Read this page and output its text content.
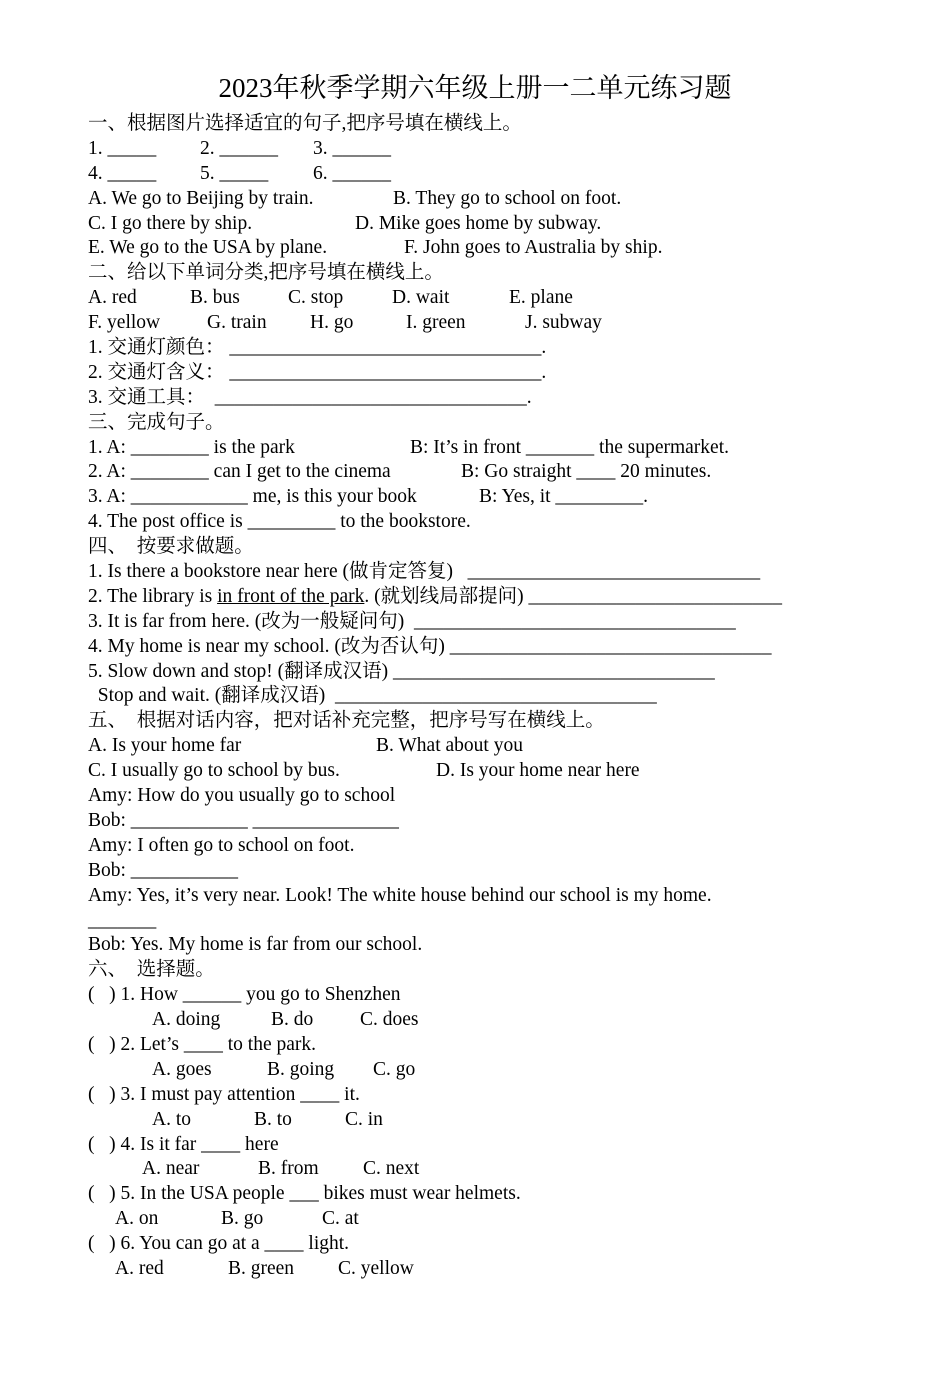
2023年秋季学期六年级上册一二单元练习题
一、根据图片选择适宜的句子,把序号填在横线上。

1. _____

2. ______

3. ______

4. _____

5. _____

6. ______

A. We go to Beijing by train.

	B. They go to school on foot.

C. I go there by ship.

	D. Mike goes home by subway.

E. We go to the USA by plane.

	F. John goes to Australia by ship.

二、给以下单词分类,把序号填在横线上。

A. red

	B. bus

C. stop

D. wait

	E. plane

F. yellow

G. train

H. go

	I. green

	J. subway

1. 交通灯颜色： ________________________________.
2. 交通灯含义： ________________________________.
3. 交通工具：  ________________________________.
三、完成句子。

1. A: ________ is the park

	B: It’s in front _______ the supermarket.

2. A: ________ can I get to the cinema

	B: Go straight ____ 20 minutes.

3. A: ____________ me, is this your book

	B: Yes, it _________.

4. The post office is _________ to the bookstore.
四、  按要求做题。
1. Is there a bookstore near here (做肯定答复)   ______________________________
2. The library is in front of the park. (就划线局部提问) __________________________
3. It is far from here. (改为一般疑问句)  _________________________________
4. My home is near my school. (改为否认句) _________________________________
5. Slow down and stop! (翻译成汉语) _________________________________
Stop and wait. (翻译成汉语)  _________________________________
五、  根据对话内容，把对话补充完整，把序号写在横线上。

A. Is your home far

	B. What about you

C. I usually go to school by bus.

	D. Is your home near here

Amy: How do you usually go to school
Bob: ____________ _______________
Amy: I often go to school on foot.
Bob: ___________
Amy: Yes, it’s very near. Look! The white house behind our school is my home.
_______
Bob: Yes. My home is far from our school.
六、  选择题。
(   ) 1. How ______ you go to Shenzhen

A. doing

	B. do

C. does

(   ) 2. Let’s ____ to the park.

A. goes

	B. going

C. go

(   ) 3. I must pay attention ____ it.

A. to

	B. to

	C. in

(   ) 4. Is it far ____ here

A. near

	B. from

C. next

(   ) 5. In the USA people ___ bikes must wear helmets.

A. on

	B. go

	C. at

(   ) 6. You can go at a ____ light.

A. red

	B. green

C. yellow
